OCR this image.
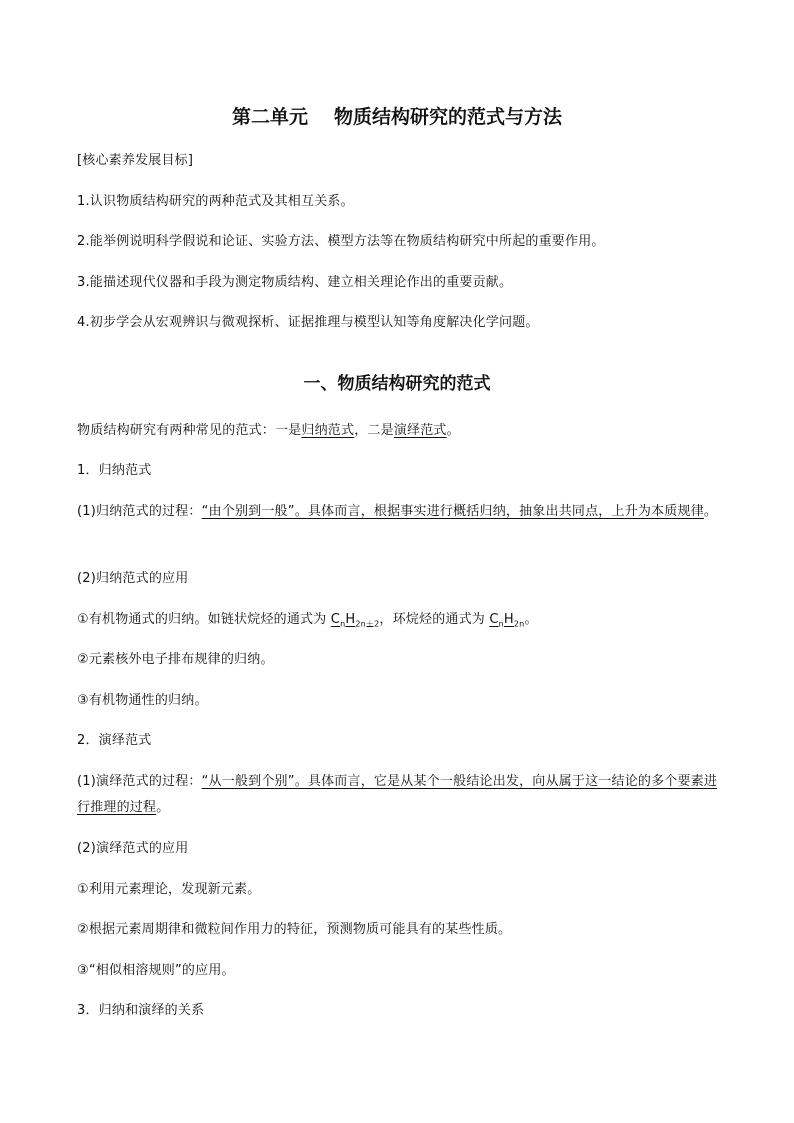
第二单元 物质结构研究的范式与方法

[核心素养发展目标]

1.认识物质结构研究的两种范式及其相互关系。

2.能举例说明科学假说和论证、实验方法、模型方法等在物质结构研究中所起的重要作用。

3.能描述现代仪器和手段为测定物质结构、建立相关理论作出的重要贡献。

4.初步学会从宏观辨识与微观探析、证据推理与模型认知等角度解决化学问题。

一、物质结构研究的范式

物质结构研究有两种常见的范式：一是归纳范式，二是演绎范式。

1．归纳范式

(1)归纳范式的过程：“由个别到一般”。具体而言，根据事实进行概括归纳，抽象出共同点，上升为本质规律。

(2)归纳范式的应用

①有机物通式的归纳。如链状烷烃的通式为 $C_nH_{2n+2}$，环烷烃的通式为 $C_nH_{2n}$。

②元素核外电子排布规律的归纳。

③有机物通性的归纳。

2．演绎范式

(1)演绎范式的过程：“从一般到个别”。具体而言，它是从某个一般结论出发，向从属于这一结论的多个要素进行推理的过程。

(2)演绎范式的应用

①利用元素理论，发现新元素。

②根据元素周期律和微粒间作用力的特征，预测物质可能具有的某些性质。

③“相似相溶规则”的应用。

3．归纳和演绎的关系
